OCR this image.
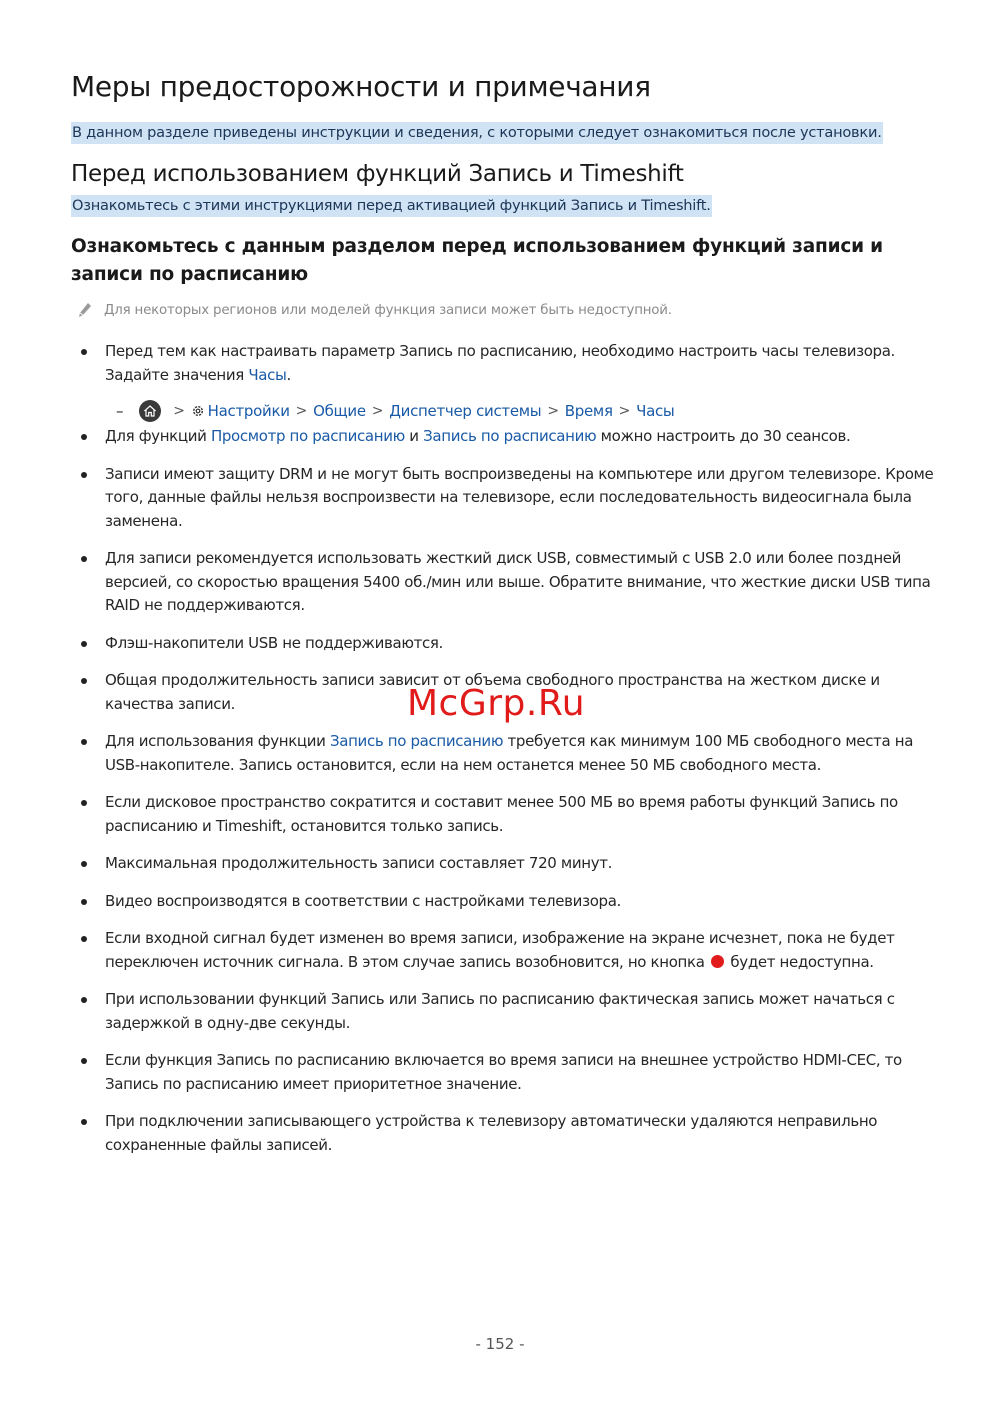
Меры предосторожности и примечания
В данном разделе приведены инструкции и сведения, с которыми следует ознакомиться после установки.
Перед использованием функций Запись и Timeshift
Ознакомьтесь с этими инструкциями перед активацией функций Запись и Timeshift.
Ознакомьтесь с данным разделом перед использованием функций записи и записи по расписанию
Для некоторых регионов или моделей функция записи может быть недоступной.
Перед тем как настраивать параметр Запись по расписанию, необходимо настроить часы телевизора. Задайте значения Часы.
Для функций Просмотр по расписанию и Запись по расписанию можно настроить до 30 сеансов.
Записи имеют защиту DRM и не могут быть воспроизведены на компьютере или другом телевизоре. Кроме того, данные файлы нельзя воспроизвести на телевизоре, если последовательность видеосигнала была заменена.
Для записи рекомендуется использовать жесткий диск USB, совместимый с USB 2.0 или более поздней версией, со скоростью вращения 5400 об./мин или выше. Обратите внимание, что жесткие диски USB типа RAID не поддерживаются.
Флэш-накопители USB не поддерживаются.
Общая продолжительность записи зависит от объема свободного пространства на жестком диске и качества записи.
Для использования функции Запись по расписанию требуется как минимум 100 МБ свободного места на USB-накопителе. Запись остановится, если на нем останется менее 50 МБ свободного места.
Если дисковое пространство сократится и составит менее 500 МБ во время работы функций Запись по расписанию и Timeshift, остановится только запись.
Максимальная продолжительность записи составляет 720 минут.
Видео воспроизводятся в соответствии с настройками телевизора.
Если входной сигнал будет изменен во время записи, изображение на экране исчезнет, пока не будет переключен источник сигнала. В этом случае запись возобновится, но кнопка  будет недоступна.
При использовании функций Запись или Запись по расписанию фактическая запись может начаться с задержкой в одну-две секунды.
Если функция Запись по расписанию включается во время записи на внешнее устройство HDMI-CEC, то Запись по расписанию имеет приоритетное значение.
При подключении записывающего устройства к телевизору автоматически удаляются неправильно сохраненные файлы записей.
–	> Настройки > Общие > Диспетчер системы > Время > Часы
McGrp.Ru
- 152 -
